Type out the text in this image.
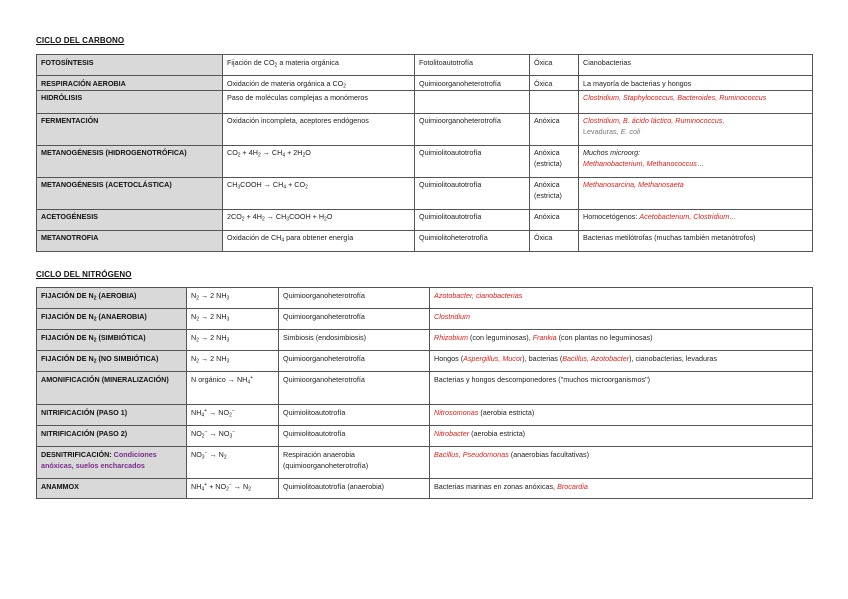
CICLO DEL CARBONO
FOTOSÍNTESIS	Fijación de $CO_2$ a materia orgánica	Fotolitoautotrofía	Óxica	Cianobacterias
RESPIRACIÓN AEROBIA	Oxidación de materia orgánica a $CO_2$	Quimioorganoheterotrofía	Óxica	La mayoría de bacterias y hongos
HIDRÓLISIS	Paso de moléculas complejas a monómeros			Clostridium, Staphylococcus, Bacteroides, Ruminococcus
FERMENTACIÓN	Oxidación incompleta, aceptores endógenos	Quimioorganoheterotrofía	Anóxica	Clostridium, B. ácido láctico, Ruminococcus,
Levaduras, E. coli
METANOGÉNESIS (HIDROGENOTRÓFICA)	$CO_2 + 4H_2 \to CH_4 + 2H_2O$	Quimiolitoautotrofía	Anóxica (estricta)	Muchos microorg:
Methanobacterium, Methanococcus…
METANOGÉNESIS (ACETOCLÁSTICA)	$CH_3COOH \to CH_4 + CO_2$	Quimiolitoautotrofía	Anóxica (estricta)	Methanosarcina, Methanosaeta
ACETOGÉNESIS	$2CO_2 + 4H_2$ → $CH_3COOH + H_2O$	Quimiolitoautotrofía	Anóxica	Homocetógenos: Acetobacterium, Clostridium…
METANOTROFIA	Oxidación de $CH_4$ para obtener energía	Quimiolitoheterotrofía	Óxica	Bacterias metilótrofas (muchas también metanótrofos)
CICLO DEL NITRÓGENO
FIJACIÓN DE $N_2$ (AEROBIA)	$N_2 \to 2$ $NH_3$	Quimioorganoheterotrofía	Azotobacter, cianobacterias
FIJACIÓN DE $N_2$ (ANAEROBIA)	$N_2 \to 2$ $NH_3$	Quimioorganoheterotrofía	Clostridium
FIJACIÓN DE $N_2$ (SIMBIÓTICA)	$N_2 \to 2$ $NH_3$	Simbiosis (endosimbiosis)	Rhizobium (con leguminosas), Frankia (con plantas no leguminosas)
FIJACIÓN DE $N_2$ (NO SIMBIÓTICA)	$N_2 \to 2$ $NH_3$	Quimioorganoheterotrofía	Hongos (Aspergillus, Mucor), bacterias (Bacillus, Azotobacter), cianobacterias, levaduras
AMONIFICACIÓN (MINERALIZACIÓN)	N orgánico → $NH_4^+$	Quimioorganoheterotrofía	Bacterias y hongos descomponedores ("muchos microorganismos")
NITRIFICACIÓN (PASO 1)	$NH_4^+ \to NO_2^-$	Quimiolitoautotrofía	Nitrosomonas (aerobia estricta)
NITRIFICACIÓN (PASO 2)	$NO_2^- \to NO_3^-$	Quimiolitoautotrofía	Nitrobacter (aerobia estricta)
DESNITRIFICACIÓN: Condiciones anóxicas, suelos encharcados	$NO_3^- \to N_2$	Respiración anaerobia (quimioorganoheterotrofía)	Bacillus, Pseudomonas (anaerobias facultativas)
ANAMMOX	$NH_4^+ + NO_2^- \to N_2$	Quimiolitoautotrofía (anaerobia)	Bacterias marinas en zonas anóxicas, Brocardia
